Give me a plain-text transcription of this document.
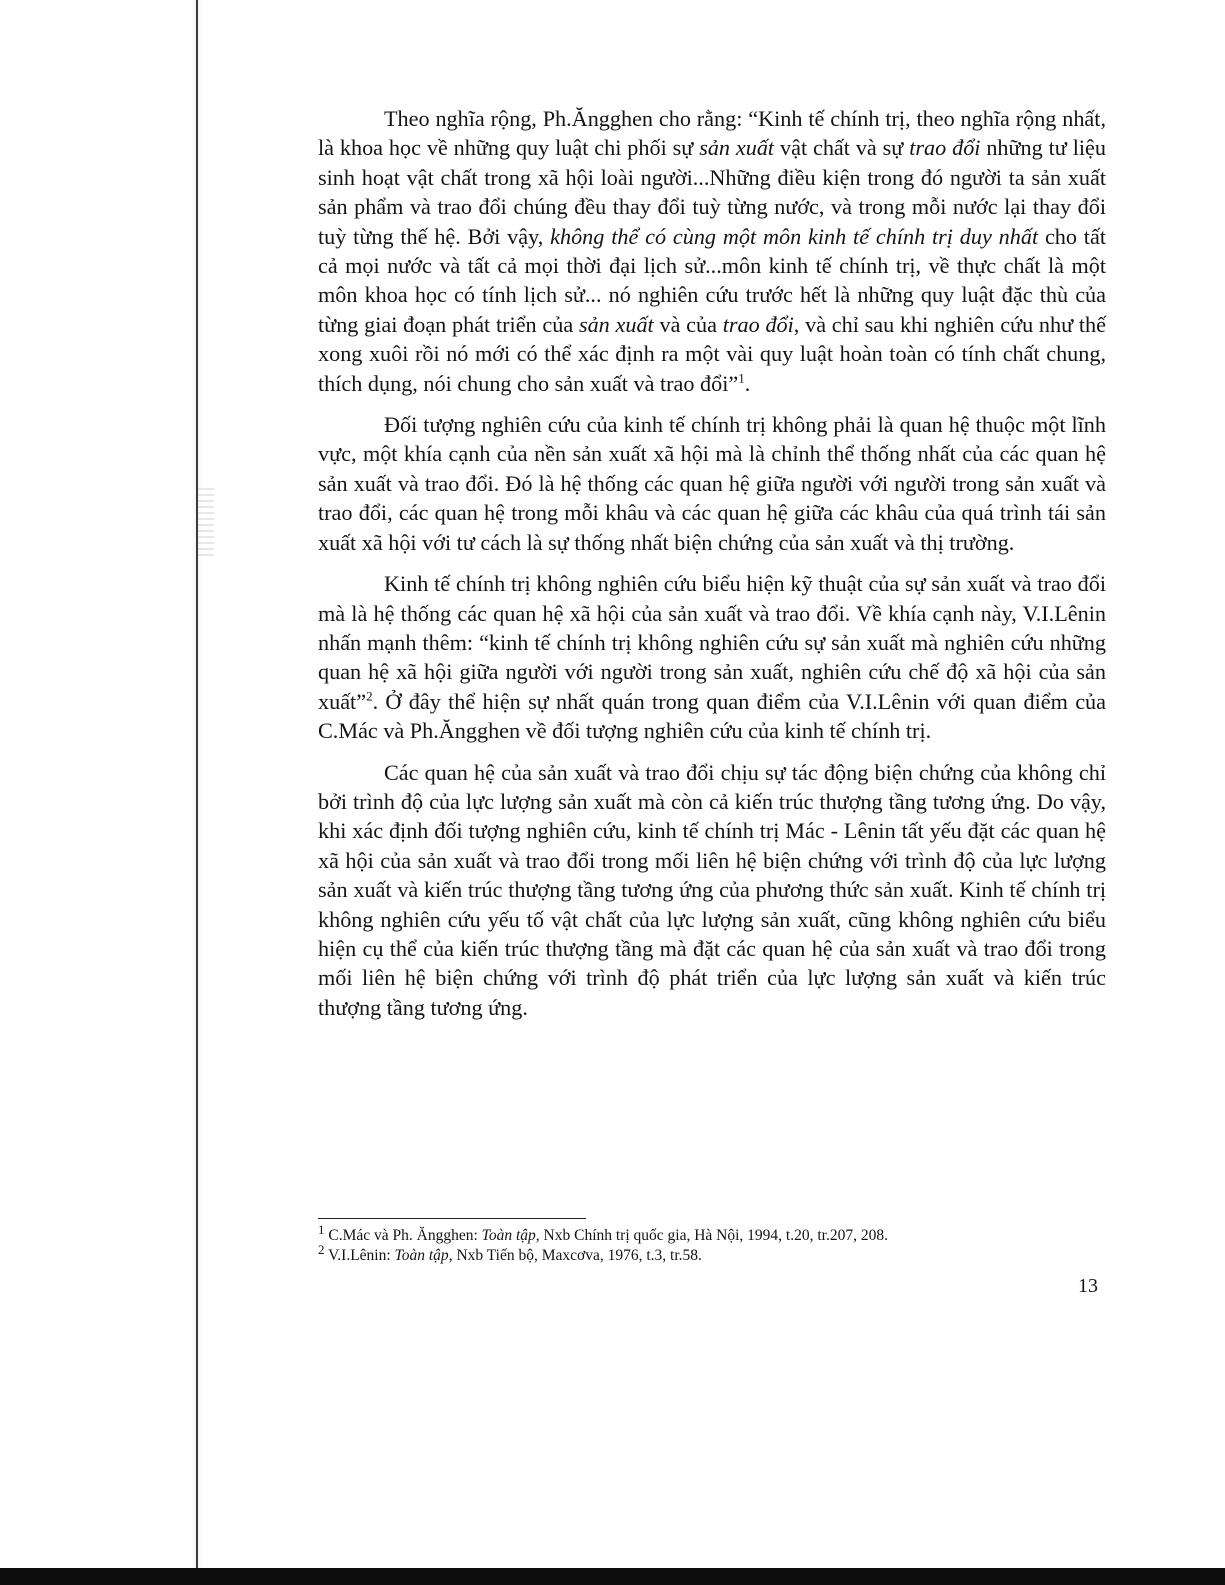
Theo nghĩa rộng, Ph.Ăngghen cho rằng: “Kinh tế chính trị, theo nghĩa rộng nhất, là khoa học về những quy luật chi phối sự sản xuất vật chất và sự trao đổi những tư liệu sinh hoạt vật chất trong xã hội loài người...Những điều kiện trong đó người ta sản xuất sản phẩm và trao đổi chúng đều thay đổi tuỳ từng nước, và trong mỗi nước lại thay đổi tuỳ từng thế hệ. Bởi vậy, không thể có cùng một môn kinh tế chính trị duy nhất cho tất cả mọi nước và tất cả mọi thời đại lịch sử...môn kinh tế chính trị, về thực chất là một môn khoa học có tính lịch sử... nó nghiên cứu trước hết là những quy luật đặc thù của từng giai đoạn phát triển của sản xuất và của trao đổi, và chỉ sau khi nghiên cứu như thế xong xuôi rồi nó mới có thể xác định ra một vài quy luật hoàn toàn có tính chất chung, thích dụng, nói chung cho sản xuất và trao đổi”$^1$.

Đối tượng nghiên cứu của kinh tế chính trị không phải là quan hệ thuộc một lĩnh vực, một khía cạnh của nền sản xuất xã hội mà là chỉnh thể thống nhất của các quan hệ sản xuất và trao đổi. Đó là hệ thống các quan hệ giữa người với người trong sản xuất và trao đổi, các quan hệ trong mỗi khâu và các quan hệ giữa các khâu của quá trình tái sản xuất xã hội với tư cách là sự thống nhất biện chứng của sản xuất và thị trường.

Kinh tế chính trị không nghiên cứu biểu hiện kỹ thuật của sự sản xuất và trao đổi mà là hệ thống các quan hệ xã hội của sản xuất và trao đổi. Về khía cạnh này, V.I.Lênin nhấn mạnh thêm: “kinh tế chính trị không nghiên cứu sự sản xuất mà nghiên cứu những quan hệ xã hội giữa người với người trong sản xuất, nghiên cứu chế độ xã hội của sản xuất”$^2$. Ở đây thể hiện sự nhất quán trong quan điểm của V.I.Lênin với quan điểm của C.Mác và Ph.Ăngghen về đối tượng nghiên cứu của kinh tế chính trị.

Các quan hệ của sản xuất và trao đổi chịu sự tác động biện chứng của không chỉ bởi trình độ của lực lượng sản xuất mà còn cả kiến trúc thượng tầng tương ứng. Do vậy, khi xác định đối tượng nghiên cứu, kinh tế chính trị Mác - Lênin tất yếu đặt các quan hệ xã hội của sản xuất và trao đổi trong mối liên hệ biện chứng với trình độ của lực lượng sản xuất và kiến trúc thượng tầng tương ứng của phương thức sản xuất. Kinh tế chính trị không nghiên cứu yếu tố vật chất của lực lượng sản xuất, cũng không nghiên cứu biểu hiện cụ thể của kiến trúc thượng tầng mà đặt các quan hệ của sản xuất và trao đổi trong mối liên hệ biện chứng với trình độ phát triển của lực lượng sản xuất và kiến trúc thượng tầng tương ứng.

$^1$ C.Mác và Ph. Ăngghen: Toàn tập, Nxb Chính trị quốc gia, Hà Nội, 1994, t.20, tr.207, 208.

$^2$ V.I.Lênin: Toàn tập, Nxb Tiến bộ, Maxcơva, 1976, t.3, tr.58.

13
